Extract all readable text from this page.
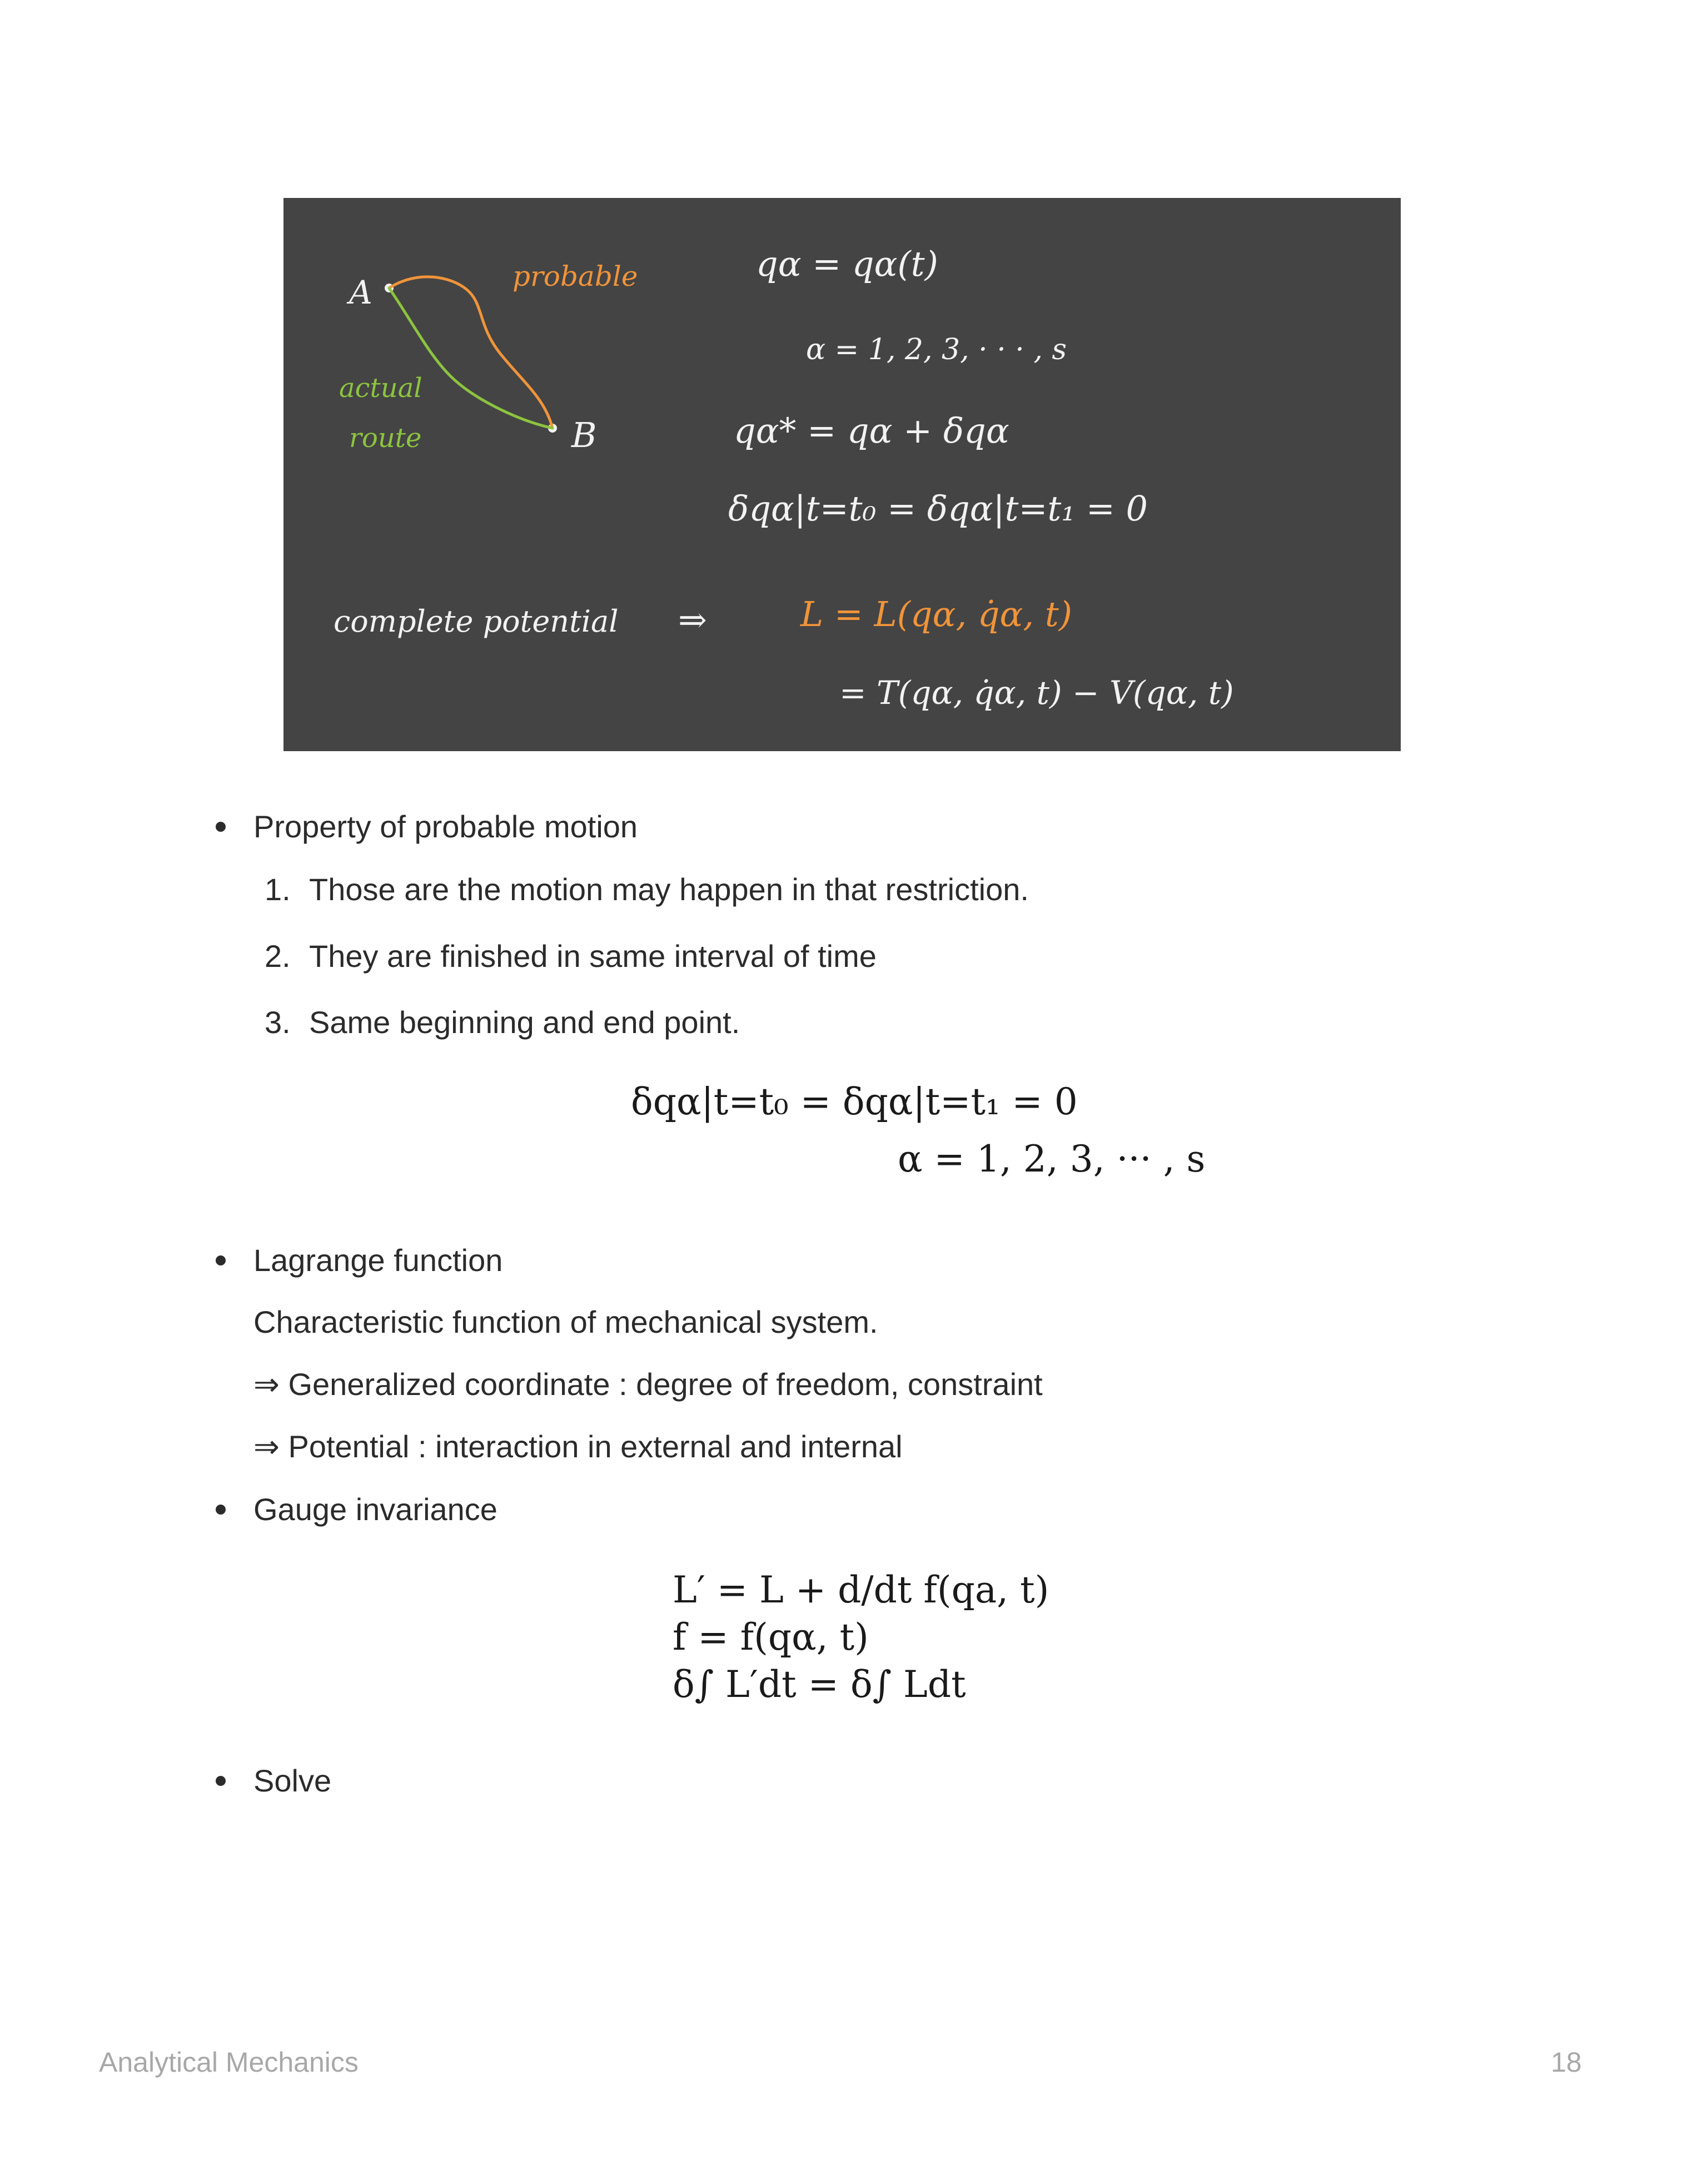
A
B
probable
actual
route
qα = qα(t)
α = 1, 2, 3, · · · , s
qα* = qα + δqα
δqα|t=t₀ = δqα|t=t₁ = 0
complete potential ⇒	L = L(qα, q̇α, t)
= T(qα, q̇α, t) − V(qα, t)
Property of probable motion
1. Those are the motion may happen in that restriction.
2. They are finished in same interval of time
3. Same beginning and end point.
δqα|t=t₀ = δqα|t=t₁ = 0
α = 1, 2, 3, ··· , s
Lagrange function
Characteristic function of mechanical system.
⇒ Generalized coordinate : degree of freedom, constraint
⇒ Potential : interaction in external and internal
Gauge invariance
L′ = L + d/dt f(qa, t)
f = f(qα, t)
δ∫ L′dt = δ∫ Ldt
Solve
Analytical Mechanics	18
